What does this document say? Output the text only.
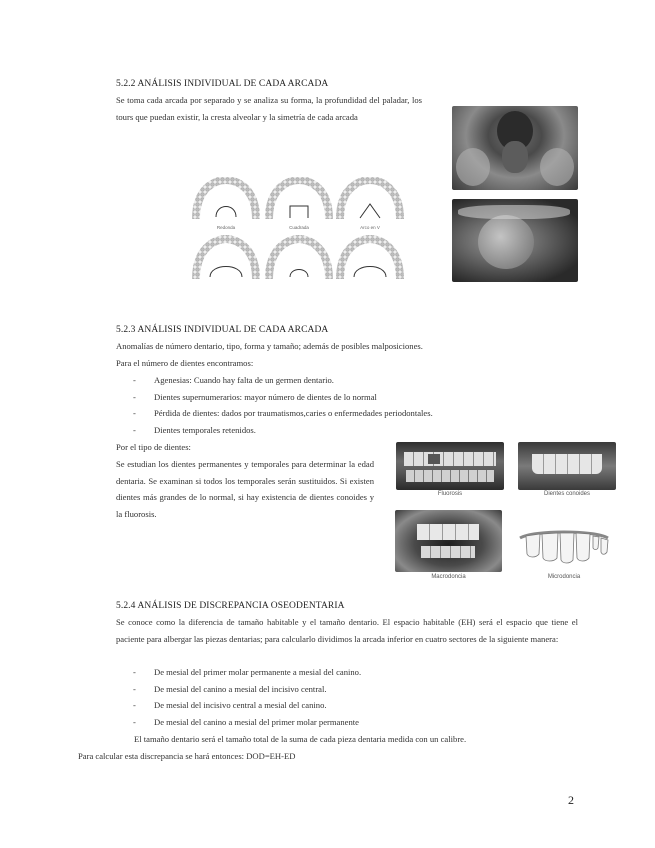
5.2.2 ANÁLISIS INDIVIDUAL DE CADA ARCADA
Se toma cada arcada por separado y se analiza su forma, la profundidad del paladar, los tours que puedan existir, la cresta alveolar y la simetría de cada arcada
Redonda	Cuadrada	Arco en V
5.2.3 ANÁLISIS INDIVIDUAL DE CADA ARCADA
Anomalías de número dentario, tipo, forma y tamaño; además de posibles malposiciones.
Para el número de dientes encontramos:
- Agenesias: Cuando hay falta de un germen dentario.
- Dientes supernumerarios: mayor número de dientes de lo normal
- Pérdida de dientes: dados por traumatismos,caries o enfermedades periodontales.
- Dientes temporales retenidos.
Por el tipo de dientes:
Se estudian los dientes permanentes y temporales para determinar la edad dentaria. Se examinan si todos los temporales serán sustituidos. Si existen dientes más grandes de lo normal, si hay existencia de dientes conoides y la fluorosis.
Fluorosis	Dientes conoides
Macrodoncia	Microdoncia
5.2.4 ANÁLISIS DE DISCREPANCIA OSEODENTARIA
Se conoce como la diferencia de tamaño habitable y el tamaño dentario. El espacio habitable (EH) será el espacio que tiene el paciente para albergar las piezas dentarias; para calcularlo dividimos la arcada inferior en cuatro sectores de la siguiente manera:
- De mesial del primer molar permanente a mesial del canino.
- De mesial del canino a mesial del incisivo central.
- De mesial del incisivo central a mesial del canino.
- De mesial del canino a mesial del primer molar permanente
El tamaño dentario será el tamaño total de la suma de cada pieza dentaria medida con un calibre.
Para calcular esta discrepancia se hará entonces: DOD=EH-ED
2
